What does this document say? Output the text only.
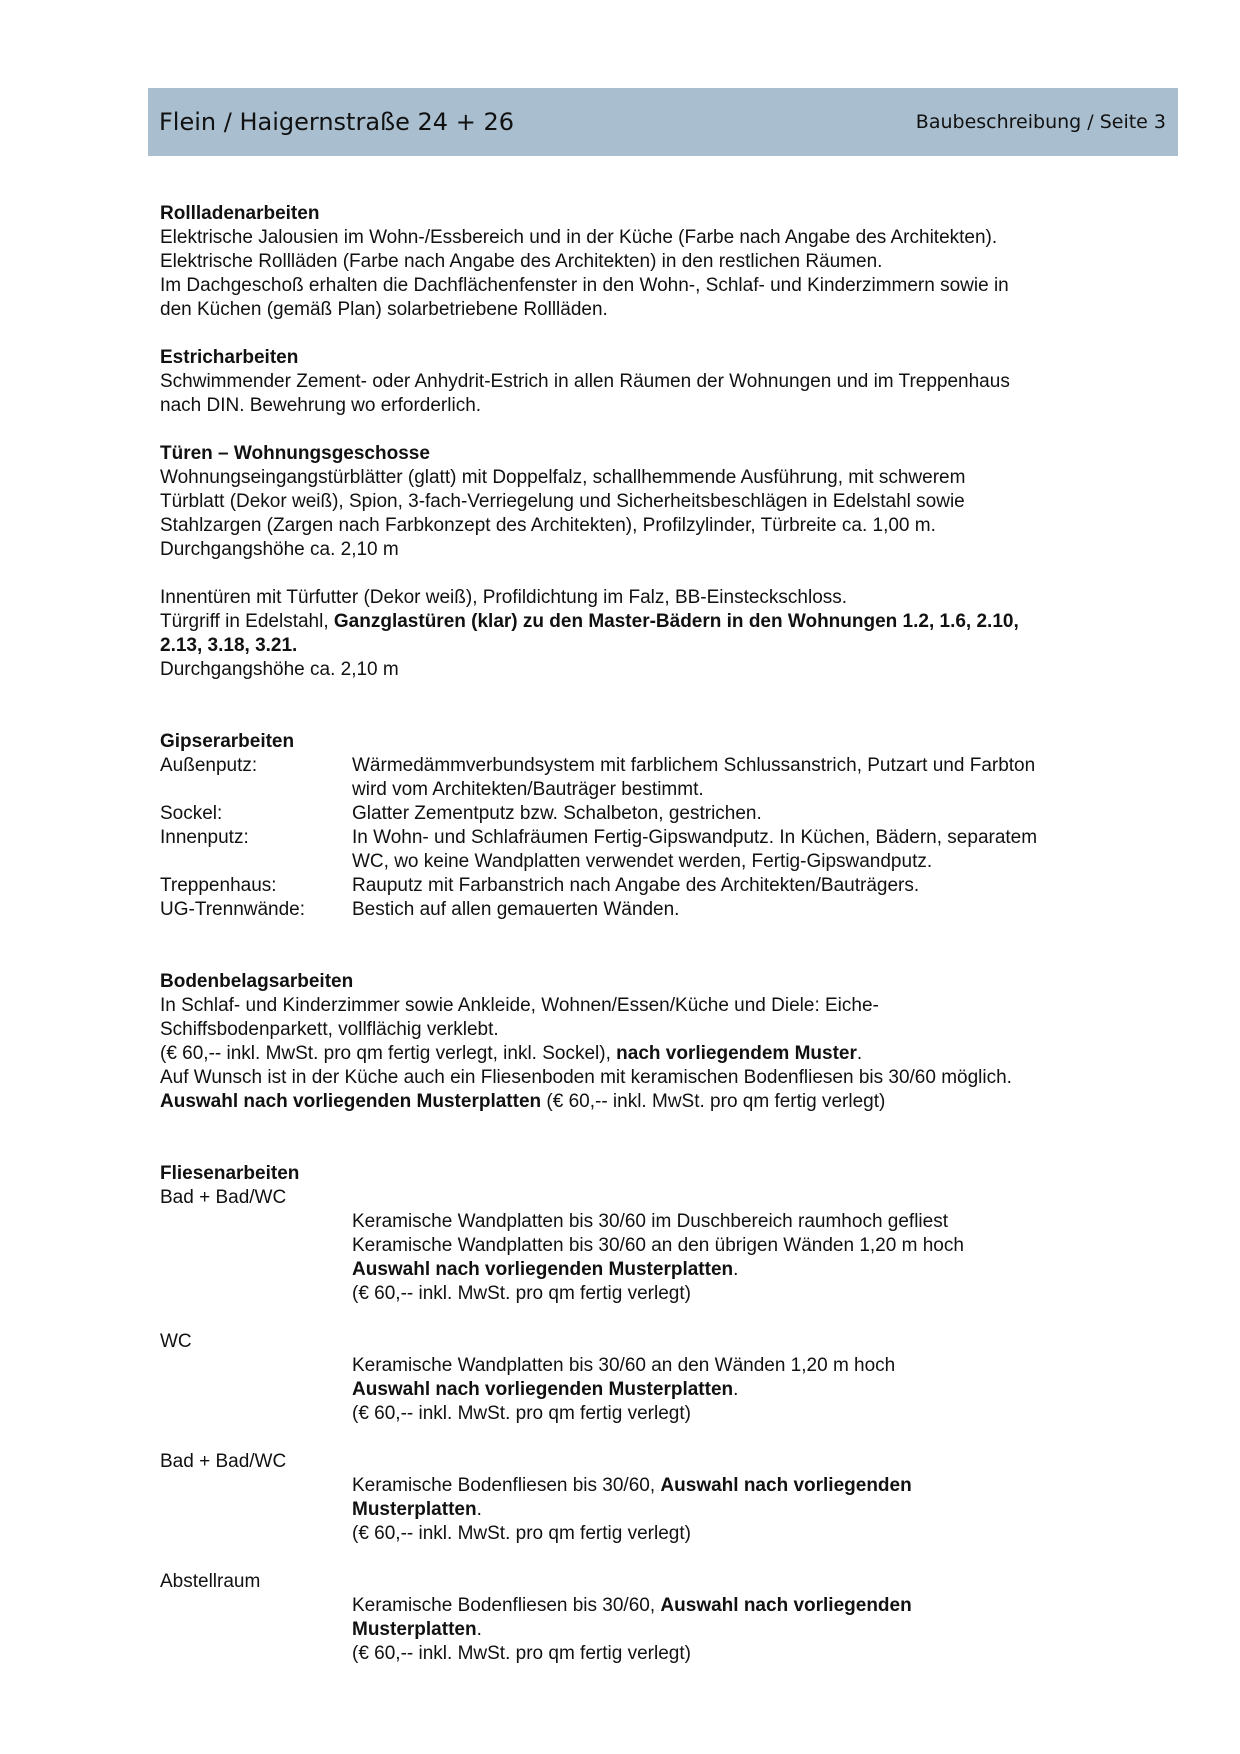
Flein / Haigernstraße 24 + 26	Baubeschreibung / Seite 3
Rollladenarbeiten
Elektrische Jalousien im Wohn-/Essbereich und in der Küche (Farbe nach Angabe des Architekten).
Elektrische Rollläden (Farbe nach Angabe des Architekten) in den restlichen Räumen.
Im Dachgeschoß erhalten die Dachflächenfenster in den Wohn-, Schlaf- und Kinderzimmern sowie in
den Küchen (gemäß Plan) solarbetriebene Rollläden.
Estricharbeiten
Schwimmender Zement- oder Anhydrit-Estrich in allen Räumen der Wohnungen und im Treppenhaus
nach DIN. Bewehrung wo erforderlich.
Türen – Wohnungsgeschosse
Wohnungseingangstürblätter (glatt) mit Doppelfalz, schallhemmende Ausführung, mit schwerem
Türblatt (Dekor weiß), Spion, 3-fach-Verriegelung und Sicherheitsbeschlägen in Edelstahl sowie
Stahlzargen (Zargen nach Farbkonzept des Architekten), Profilzylinder, Türbreite ca. 1,00 m.
Durchgangshöhe ca. 2,10 m
Innentüren mit Türfutter (Dekor weiß), Profildichtung im Falz, BB-Einsteckschloss.
Türgriff in Edelstahl, Ganzglastüren (klar) zu den Master-Bädern in den Wohnungen 1.2, 1.6, 2.10,
2.13, 3.18, 3.21.
Durchgangshöhe ca. 2,10 m
Gipserarbeiten
Außenputz:	Wärmedämmverbundsystem mit farblichem Schlussanstrich, Putzart und Farbton
wird vom Architekten/Bauträger bestimmt.
Sockel:	Glatter Zementputz bzw. Schalbeton, gestrichen.
Innenputz:	In Wohn- und Schlafräumen Fertig-Gipswandputz. In Küchen, Bädern, separatem
WC, wo keine Wandplatten verwendet werden, Fertig-Gipswandputz.
Treppenhaus:	Rauputz mit Farbanstrich nach Angabe des Architekten/Bauträgers.
UG-Trennwände:	Bestich auf allen gemauerten Wänden.
Bodenbelagsarbeiten
In Schlaf- und Kinderzimmer sowie Ankleide, Wohnen/Essen/Küche und Diele: Eiche-
Schiffsbodenparkett, vollflächig verklebt.
(€ 60,-- inkl. MwSt. pro qm fertig verlegt, inkl. Sockel), nach vorliegendem Muster.
Auf Wunsch ist in der Küche auch ein Fliesenboden mit keramischen Bodenfliesen bis 30/60 möglich.
Auswahl nach vorliegenden Musterplatten (€ 60,-- inkl. MwSt. pro qm fertig verlegt)
Fliesenarbeiten
Bad + Bad/WC
Keramische Wandplatten bis 30/60 im Duschbereich raumhoch gefliest
Keramische Wandplatten bis 30/60 an den übrigen Wänden 1,20 m hoch
Auswahl nach vorliegenden Musterplatten.
(€ 60,-- inkl. MwSt. pro qm fertig verlegt)
WC
Keramische Wandplatten bis 30/60 an den Wänden 1,20 m hoch
Auswahl nach vorliegenden Musterplatten.
(€ 60,-- inkl. MwSt. pro qm fertig verlegt)
Bad + Bad/WC
Keramische Bodenfliesen bis 30/60, Auswahl nach vorliegenden
Musterplatten.
(€ 60,-- inkl. MwSt. pro qm fertig verlegt)
Abstellraum
Keramische Bodenfliesen bis 30/60, Auswahl nach vorliegenden
Musterplatten.
(€ 60,-- inkl. MwSt. pro qm fertig verlegt)
